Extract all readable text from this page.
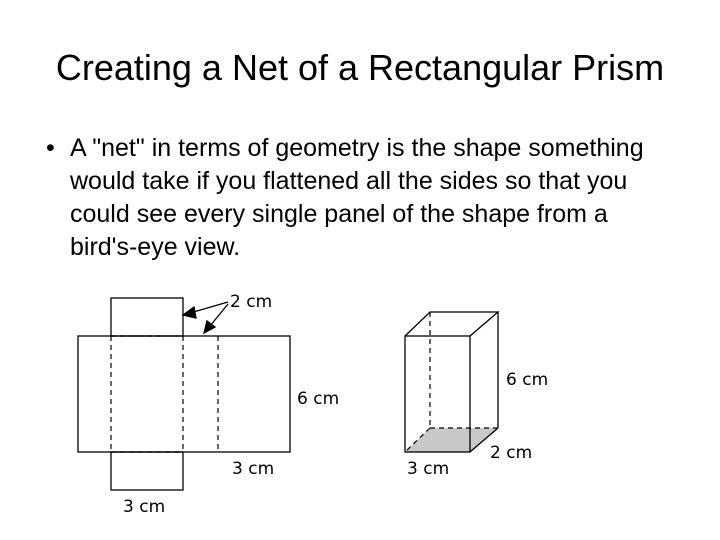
Creating a Net of a Rectangular Prism
• A "net" in terms of geometry is the shape something would take if you flattened all the sides so that you could see every single panel of the shape from a bird's-eye view.
2 cm
6 cm
3 cm
3 cm
6 cm
2 cm
3 cm
